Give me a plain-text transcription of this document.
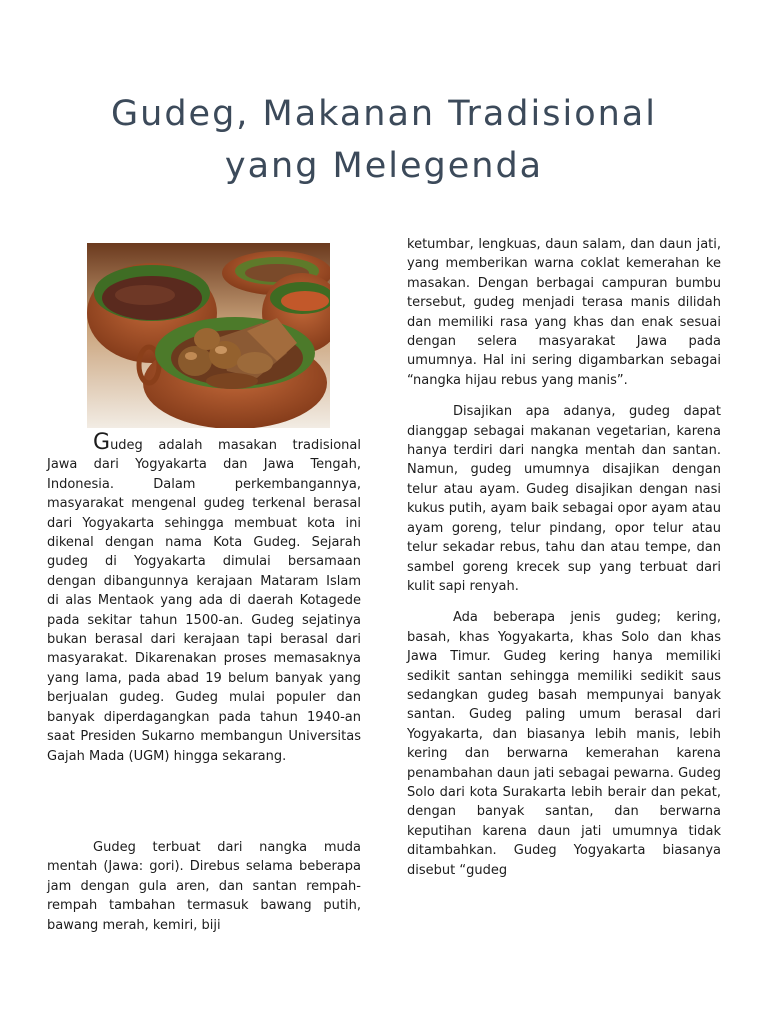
Gudeg, Makanan Tradisional
yang Melegenda

Gudeg adalah masakan tradisional Jawa dari Yogyakarta dan Jawa Tengah, Indonesia. Dalam perkembangannya, masyarakat mengenal gudeg terkenal berasal dari Yogyakarta sehingga membuat kota ini dikenal dengan nama Kota Gudeg. Sejarah gudeg di Yogyakarta dimulai bersamaan dengan dibangunnya kerajaan Mataram Islam di alas Mentaok yang ada di daerah Kotagede pada sekitar tahun 1500-an. Gudeg sejatinya bukan berasal dari kerajaan tapi berasal dari masyarakat. Dikarenakan proses memasaknya yang lama, pada abad 19 belum banyak yang berjualan gudeg. Gudeg mulai populer dan banyak diperdagangkan pada tahun 1940-an saat Presiden Sukarno membangun Universitas Gajah Mada (UGM) hingga sekarang.

Gudeg terbuat dari nangka muda mentah (Jawa: gori). Direbus selama beberapa jam dengan gula aren, dan santan rempah-rempah tambahan termasuk bawang putih, bawang merah, kemiri, biji

ketumbar, lengkuas, daun salam, dan daun jati, yang memberikan warna coklat kemerahan ke masakan. Dengan berbagai campuran bumbu tersebut, gudeg menjadi terasa manis dilidah dan memiliki rasa yang khas dan enak sesuai dengan selera masyarakat Jawa pada umumnya. Hal ini sering digambarkan sebagai “nangka hijau rebus yang manis”.

Disajikan apa adanya, gudeg dapat dianggap sebagai makanan vegetarian, karena hanya terdiri dari nangka mentah dan santan. Namun, gudeg umumnya disajikan dengan telur atau ayam. Gudeg disajikan dengan nasi kukus putih, ayam baik sebagai opor ayam atau ayam goreng, telur pindang, opor telur atau telur sekadar rebus, tahu dan atau tempe, dan sambel goreng krecek sup yang terbuat dari kulit sapi renyah.

Ada beberapa jenis gudeg; kering, basah, khas Yogyakarta, khas Solo dan khas Jawa Timur. Gudeg kering hanya memiliki sedikit santan sehingga memiliki sedikit saus sedangkan gudeg basah mempunyai banyak santan. Gudeg paling umum berasal dari Yogyakarta, dan biasanya lebih manis, lebih kering dan berwarna kemerahan karena penambahan daun jati sebagai pewarna. Gudeg Solo dari kota Surakarta lebih berair dan pekat, dengan banyak santan, dan berwarna keputihan karena daun jati umumnya tidak ditambahkan. Gudeg Yogyakarta biasanya disebut “gudeg
